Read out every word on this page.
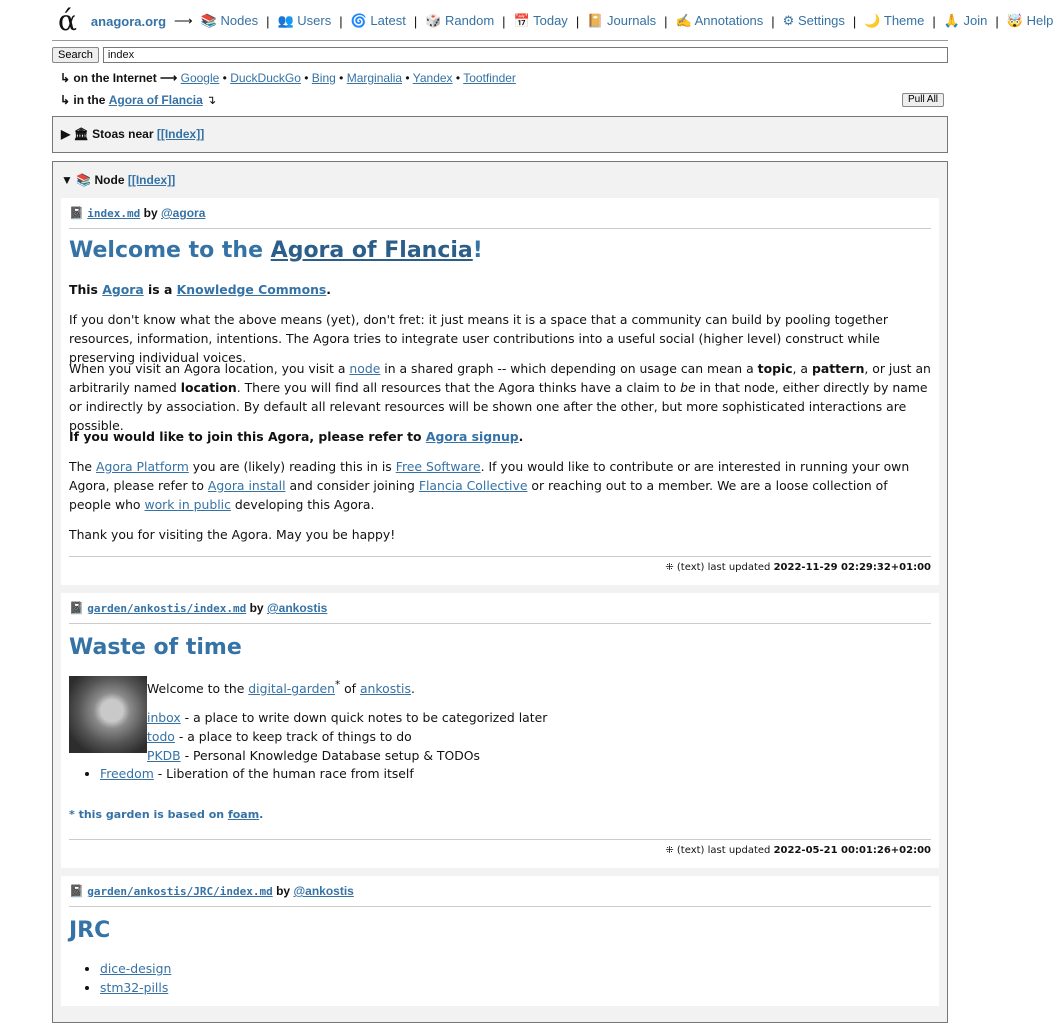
ά anagora.org ⟶ 📚 Nodes | 👥 Users | 🌀 Latest | 🎲 Random | 📅 Today | 📔 Journals | ✍ Annotations | ⚙ Settings | 🌙 Theme | 🙏 Join | 🤯 Help
Search
index
↳ on the Internet ⟶ Google • DuckDuckGo • Bing • Marginalia • Yandex • Tootfinder
↳ in the Agora of Flancia ↴	Pull All
▶ 🏛 Stoas near [[Index]]
▼ 📚 Node [[Index]]
📓 index.md by @agora
Welcome to the Agora of Flancia!
This Agora is a Knowledge Commons.
If you don't know what the above means (yet), don't fret: it just means it is a space that a community can build by pooling together resources, information, intentions. The Agora tries to integrate user contributions into a useful social (higher level) construct while preserving individual voices.
When you visit an Agora location, you visit a node in a shared graph -- which depending on usage can mean a topic, a pattern, or just an arbitrarily named location. There you will find all resources that the Agora thinks have a claim to be in that node, either directly by name or indirectly by association. By default all relevant resources will be shown one after the other, but more sophisticated interactions are possible.
If you would like to join this Agora, please refer to Agora signup.
The Agora Platform you are (likely) reading this in is Free Software. If you would like to contribute or are interested in running your own Agora, please refer to Agora install and consider joining Flancia Collective or reaching out to a member. We are a loose collection of people who work in public developing this Agora.
Thank you for visiting the Agora. May you be happy!
⁜ (text) last updated 2022-11-29 02:29:32+01:00
📓 garden/ankostis/index.md by @ankostis
Waste of time
Welcome to the digital-garden* of ankostis.
inbox - a place to write down quick notes to be categorized later
todo - a place to keep track of things to do
PKDB - Personal Knowledge Database setup & TODOs
• Freedom - Liberation of the human race from itself
* this garden is based on foam.
⁜ (text) last updated 2022-05-21 00:01:26+02:00
📓 garden/ankostis/JRC/index.md by @ankostis
JRC
• dice-design
• stm32-pills
